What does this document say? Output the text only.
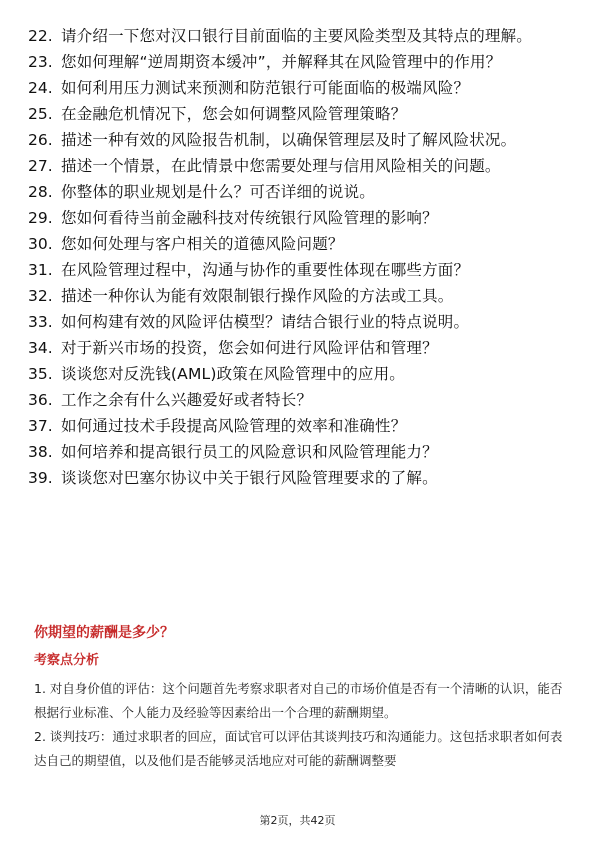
22. 请介绍一下您对汉口银行目前面临的主要风险类型及其特点的理解。
23. 您如何理解“逆周期资本缓冲”，并解释其在风险管理中的作用？
24. 如何利用压力测试来预测和防范银行可能面临的极端风险？
25. 在金融危机情况下，您会如何调整风险管理策略？
26. 描述一种有效的风险报告机制，以确保管理层及时了解风险状况。
27. 描述一个情景，在此情景中您需要处理与信用风险相关的问题。
28. 你整体的职业规划是什么？可否详细的说说。
29. 您如何看待当前金融科技对传统银行风险管理的影响？
30. 您如何处理与客户相关的道德风险问题？
31. 在风险管理过程中，沟通与协作的重要性体现在哪些方面？
32. 描述一种你认为能有效限制银行操作风险的方法或工具。
33. 如何构建有效的风险评估模型？请结合银行业的特点说明。
34. 对于新兴市场的投资，您会如何进行风险评估和管理？
35. 谈谈您对反洗钱(AML)政策在风险管理中的应用。
36. 工作之余有什么兴趣爱好或者特长？
37. 如何通过技术手段提高风险管理的效率和准确性？
38. 如何培养和提高银行员工的风险意识和风险管理能力？
39. 谈谈您对巴塞尔协议中关于银行风险管理要求的了解。
你期望的薪酬是多少？
考察点分析

1. 对自身价值的评估：这个问题首先考察求职者对自己的市场价值是否有一个清晰的认识，能否根据行业标准、个人能力及经验等因素给出一个合理的薪酬期望。

2. 谈判技巧：通过求职者的回应，面试官可以评估其谈判技巧和沟通能力。这包括求职者如何表达自己的期望值，以及他们是否能够灵活地应对可能的薪酬调整要

第2页，共42页
